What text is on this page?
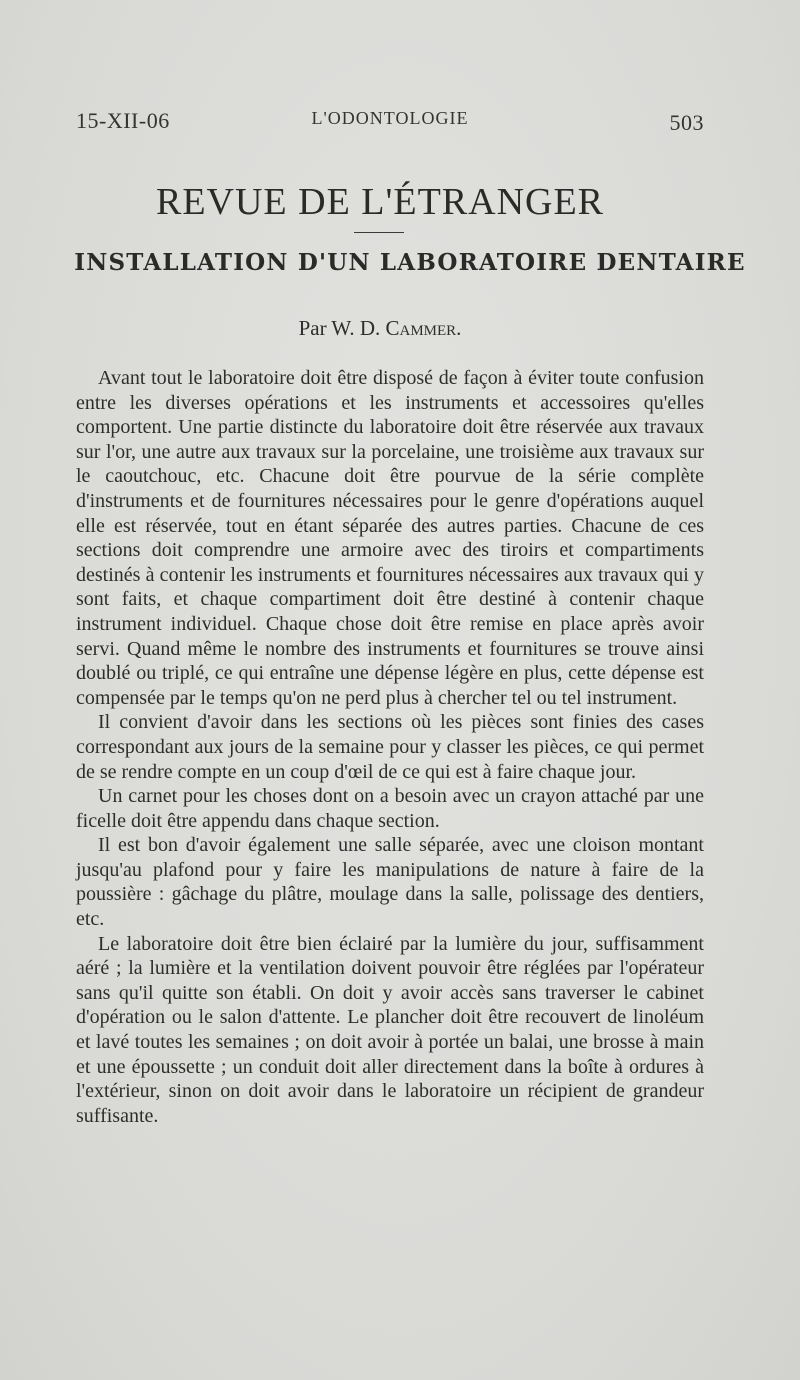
15-XII-06	L'ODONTOLOGIE	503
REVUE DE L'ÉTRANGER
INSTALLATION D'UN LABORATOIRE DENTAIRE
Par W. D. Cammer.

Avant tout le laboratoire doit être disposé de façon à éviter toute confusion entre les diverses opérations et les instruments et accessoires qu'elles comportent. Une partie distincte du laboratoire doit être réservée aux travaux sur l'or, une autre aux travaux sur la porcelaine, une troisième aux travaux sur le caoutchouc, etc. Chacune doit être pourvue de la série complète d'instruments et de fournitures nécessaires pour le genre d'opérations auquel elle est réservée, tout en étant séparée des autres parties. Chacune de ces sections doit comprendre une armoire avec des tiroirs et compartiments destinés à contenir les instruments et fournitures nécessaires aux travaux qui y sont faits, et chaque compartiment doit être destiné à contenir chaque instrument individuel. Chaque chose doit être remise en place après avoir servi. Quand même le nombre des instruments et fournitures se trouve ainsi doublé ou triplé, ce qui entraîne une dépense légère en plus, cette dépense est compensée par le temps qu'on ne perd plus à chercher tel ou tel instrument.

Il convient d'avoir dans les sections où les pièces sont finies des cases correspondant aux jours de la semaine pour y classer les pièces, ce qui permet de se rendre compte en un coup d'œil de ce qui est à faire chaque jour.

Un carnet pour les choses dont on a besoin avec un crayon attaché par une ficelle doit être appendu dans chaque section.

Il est bon d'avoir également une salle séparée, avec une cloison montant jusqu'au plafond pour y faire les manipulations de nature à faire de la poussière : gâchage du plâtre, moulage dans la salle, polissage des dentiers, etc.

Le laboratoire doit être bien éclairé par la lumière du jour, suffisamment aéré ; la lumière et la ventilation doivent pouvoir être réglées par l'opérateur sans qu'il quitte son établi. On doit y avoir accès sans traverser le cabinet d'opération ou le salon d'attente. Le plancher doit être recouvert de linoléum et lavé toutes les semaines ; on doit avoir à portée un balai, une brosse à main et une époussette ; un conduit doit aller directement dans la boîte à ordures à l'extérieur, sinon on doit avoir dans le laboratoire un récipient de grandeur suffisante.
